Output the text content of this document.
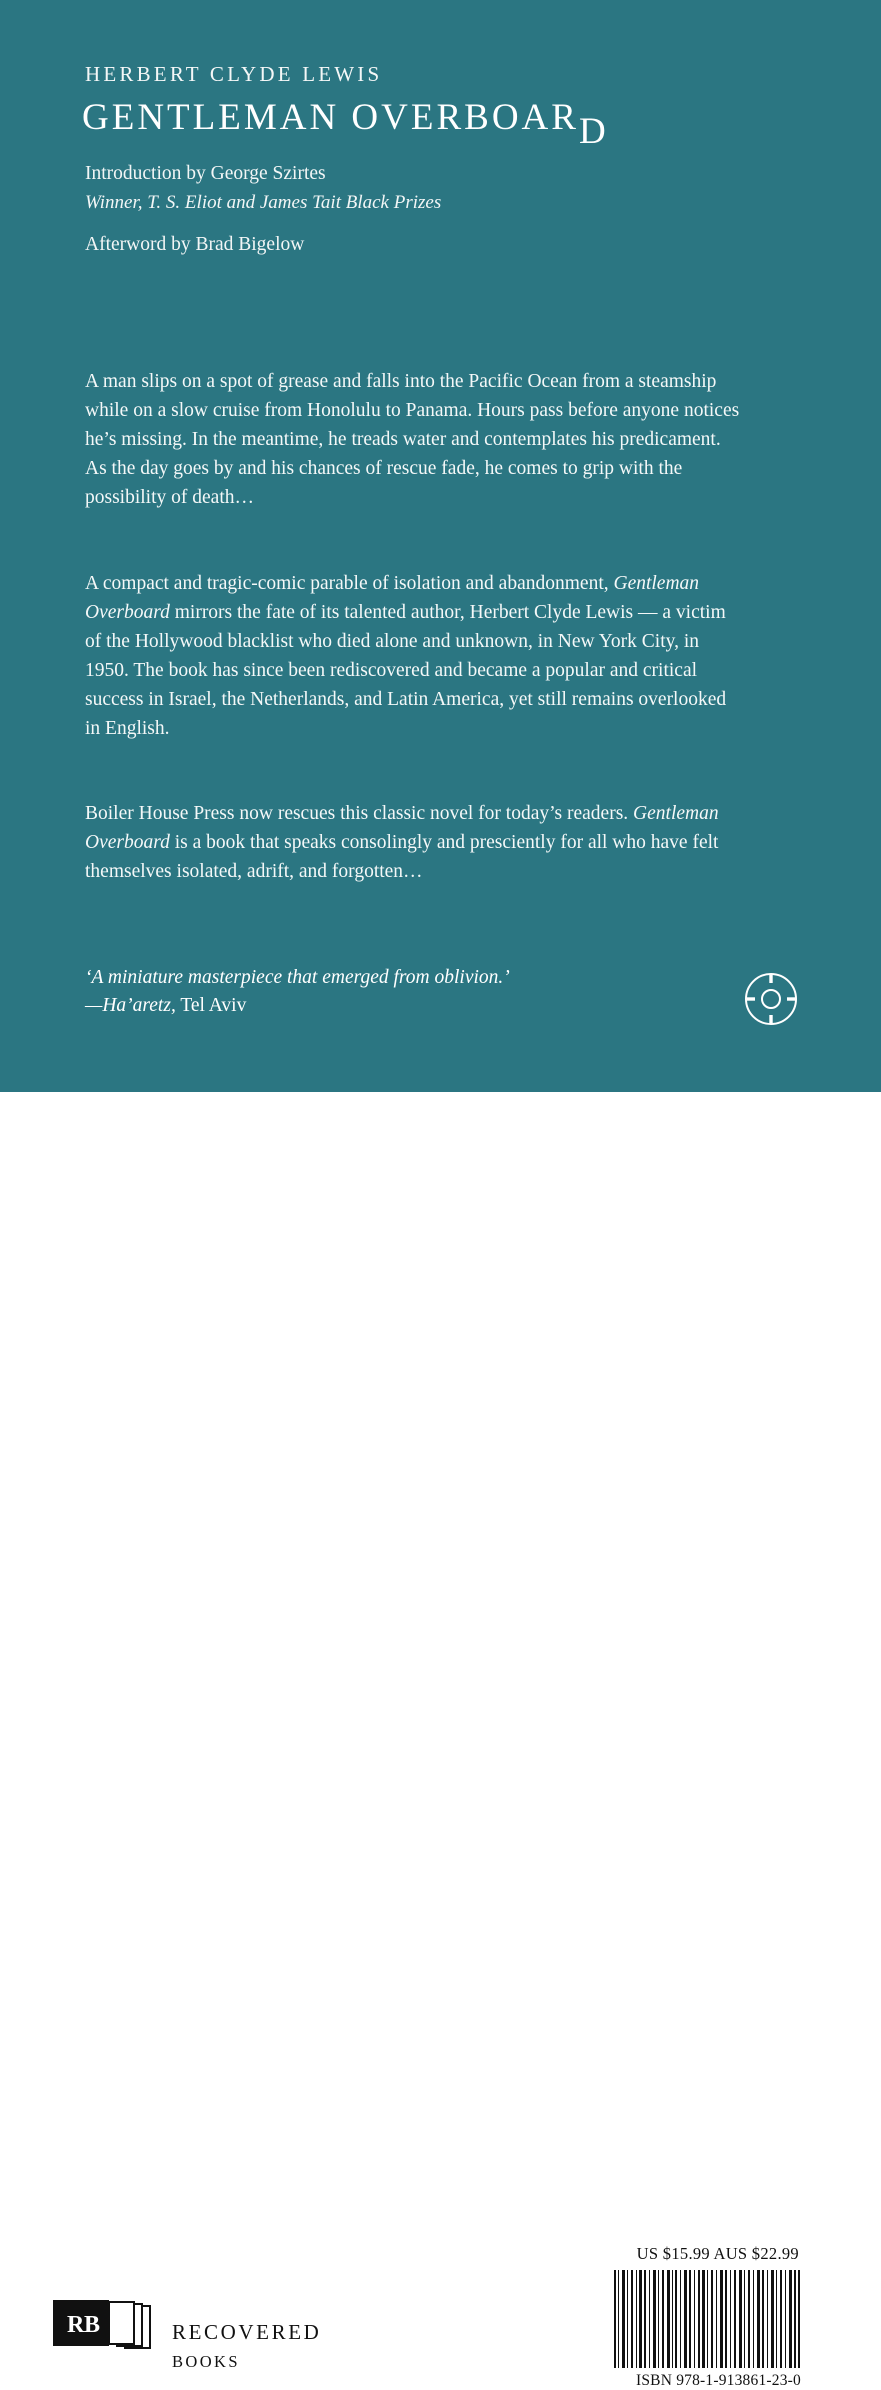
HERBERT CLYDE LEWIS
GENTLEMAN OVERBOARD
Introduction by George Szirtes
Winner, T. S. Eliot and James Tait Black Prizes
Afterword by Brad Bigelow
A man slips on a spot of grease and falls into the Pacific Ocean from a steamship while on a slow cruise from Honolulu to Panama. Hours pass before anyone notices he’s missing. In the meantime, he treads water and contemplates his predicament. As the day goes by and his chances of rescue fade, he comes to grip with the possibility of death…
A compact and tragic-comic parable of isolation and abandonment, Gentleman Overboard mirrors the fate of its talented author, Herbert Clyde Lewis — a victim of the Hollywood blacklist who died alone and unknown, in New York City, in 1950. The book has since been rediscovered and became a popular and critical success in Israel, the Netherlands, and Latin America, yet still remains overlooked in English.
Boiler House Press now rescues this classic novel for today’s readers. Gentleman Overboard is a book that speaks consolingly and presciently for all who have felt themselves isolated, adrift, and forgotten…
‘A miniature masterpiece that emerged from oblivion.’
—Ha’aretz, Tel Aviv
R B	RECOVERED
BOOKS
US $15.99 AUS $22.99
ISBN 978-1-913861-23-0
